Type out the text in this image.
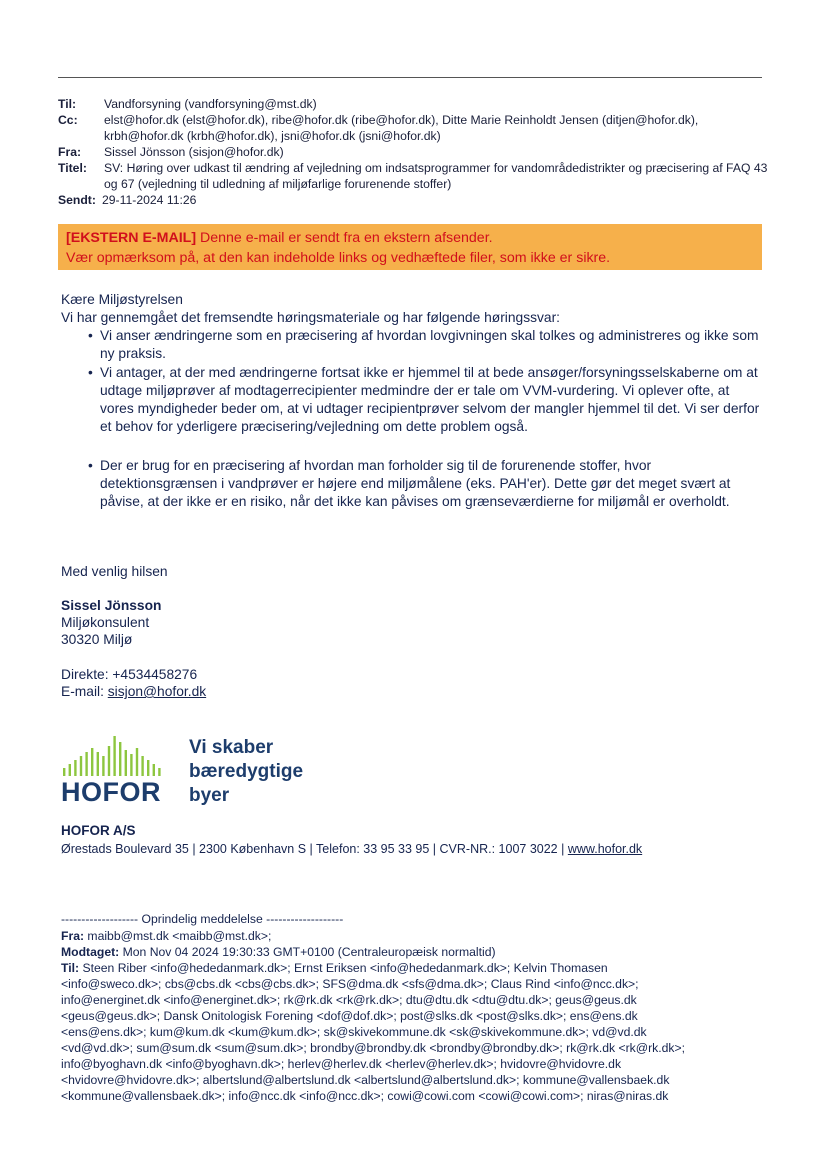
Til: Vandforsyning (vandforsyning@mst.dk)
Cc: elst@hofor.dk (elst@hofor.dk), ribe@hofor.dk (ribe@hofor.dk), Ditte Marie Reinholdt Jensen (ditjen@hofor.dk), krbh@hofor.dk (krbh@hofor.dk), jsni@hofor.dk (jsni@hofor.dk)
Fra: Sissel Jönsson (sisjon@hofor.dk)
Titel: SV: Høring over udkast til ændring af vejledning om indsatsprogrammer for vandområdedistrikter og præcisering af FAQ 43 og 67 (vejledning til udledning af miljøfarlige forurenende stoffer)
Sendt: 29-11-2024 11:26
[EKSTERN E-MAIL] Denne e-mail er sendt fra en ekstern afsender.
Vær opmærksom på, at den kan indeholde links og vedhæftede filer, som ikke er sikre.
Kære Miljøstyrelsen
Vi har gennemgået det fremsendte høringsmateriale og har følgende høringssvar:
• Vi anser ændringerne som en præcisering af hvordan lovgivningen skal tolkes og administreres og ikke som ny praksis.
• Vi antager, at der med ændringerne fortsat ikke er hjemmel til at bede ansøger/forsyningsselskaberne om at udtage miljøprøver af modtagerrecipienter medmindre der er tale om VVM-vurdering. Vi oplever ofte, at vores myndigheder beder om, at vi udtager recipientprøver selvom der mangler hjemmel til det. Vi ser derfor et behov for yderligere præcisering/vejledning om dette problem også.
• Der er brug for en præcisering af hvordan man forholder sig til de forurenende stoffer, hvor detektionsgrænsen i vandprøver er højere end miljømålene (eks. PAH'er). Dette gør det meget svært at påvise, at der ikke er en risiko, når det ikke kan påvises om grænseværdierne for miljømål er overholdt.
Med venlig hilsen
Sissel Jönsson
Miljøkonsulent
30320 Miljø
Direkte: +4534458276
E-mail: sisjon@hofor.dk
HOFOR
Vi skaber
bæredygtige
byer
HOFOR A/S
Ørestads Boulevard 35 | 2300 København S | Telefon: 33 95 33 95 | CVR-NR.: 1007 3022 | www.hofor.dk
------------------- Oprindelig meddelelse -------------------
Fra: maibb@mst.dk <maibb@mst.dk>;
Modtaget: Mon Nov 04 2024 19:30:33 GMT+0100 (Centraleuropæisk normaltid)
Til: Steen Riber <info@hededanmark.dk>; Ernst Eriksen <info@hededanmark.dk>; Kelvin Thomasen
<info@sweco.dk>; cbs@cbs.dk <cbs@cbs.dk>; SFS@dma.dk <sfs@dma.dk>; Claus Rind <info@ncc.dk>;
info@energinet.dk <info@energinet.dk>; rk@rk.dk <rk@rk.dk>; dtu@dtu.dk <dtu@dtu.dk>; geus@geus.dk
<geus@geus.dk>; Dansk Onitologisk Forening <dof@dof.dk>; post@slks.dk <post@slks.dk>; ens@ens.dk
<ens@ens.dk>; kum@kum.dk <kum@kum.dk>; sk@skivekommune.dk <sk@skivekommune.dk>; vd@vd.dk
<vd@vd.dk>; sum@sum.dk <sum@sum.dk>; brondby@brondby.dk <brondby@brondby.dk>; rk@rk.dk <rk@rk.dk>;
info@byoghavn.dk <info@byoghavn.dk>; herlev@herlev.dk <herlev@herlev.dk>; hvidovre@hvidovre.dk
<hvidovre@hvidovre.dk>; albertslund@albertslund.dk <albertslund@albertslund.dk>; kommune@vallensbaek.dk
<kommune@vallensbaek.dk>; info@ncc.dk <info@ncc.dk>; cowi@cowi.com <cowi@cowi.com>; niras@niras.dk
